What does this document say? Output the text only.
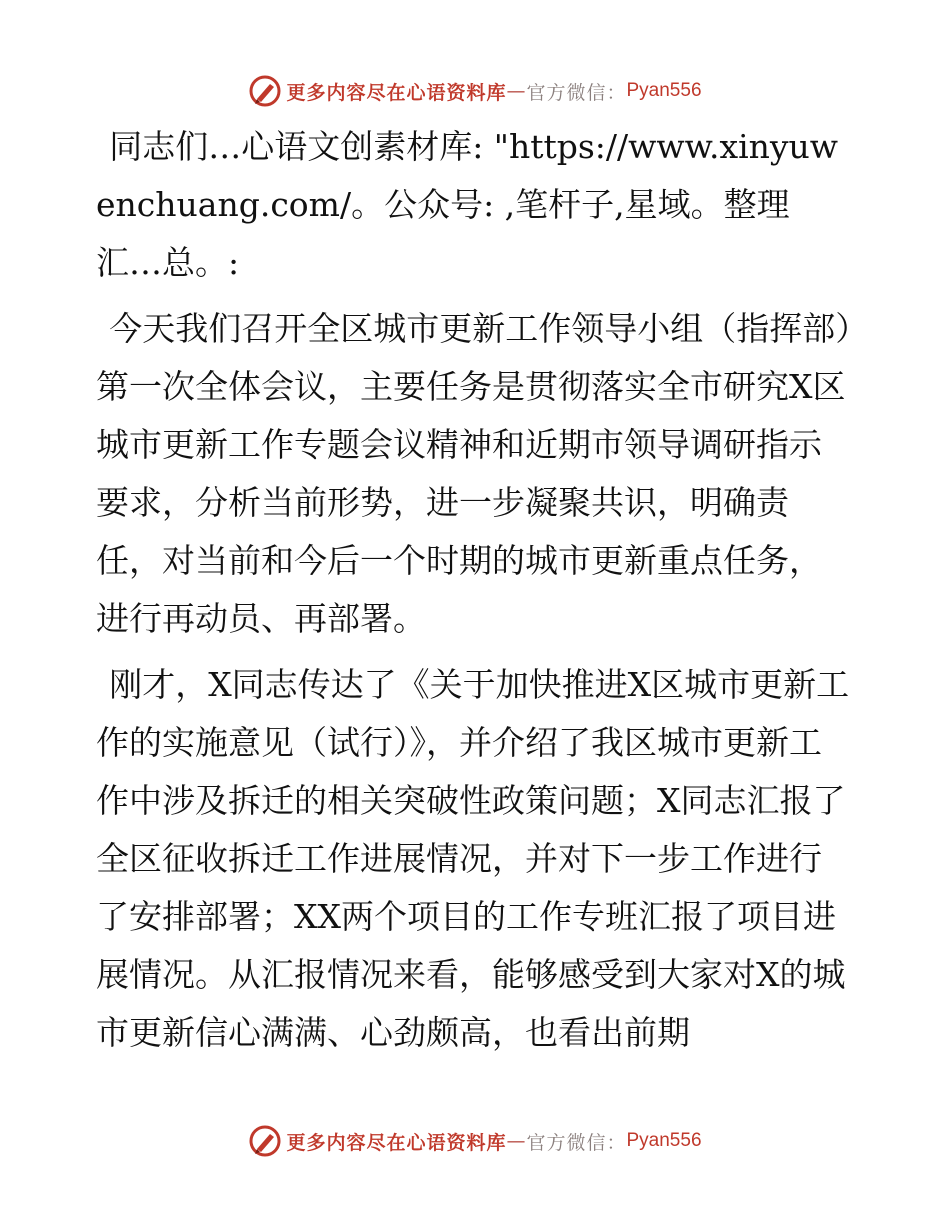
更多内容尽在心语资料库 — 官方微信： Pyan556

同志们…心语文创素材库: "https://www.xinyuwenchuang.com/。公众号: ,笔杆子,星域。整理汇…总。:

今天我们召开全区城市更新工作领导小组（指挥部）第一次全体会议，主要任务是贯彻落实全市研究X区城市更新工作专题会议精神和近期市领导调研指示要求，分析当前形势，进一步凝聚共识，明确责任，对当前和今后一个时期的城市更新重点任务，进行再动员、再部署。

刚才，X同志传达了《关于加快推进X区城市更新工作的实施意见（试行）》，并介绍了我区城市更新工作中涉及拆迁的相关突破性政策问题；X同志汇报了全区征收拆迁工作进展情况，并对下一步工作进行了安排部署；XX两个项目的工作专班汇报了项目进展情况。从汇报情况来看，能够感受到大家对X的城市更新信心满满、心劲颇高，也看出前期

更多内容尽在心语资料库 — 官方微信： Pyan556
